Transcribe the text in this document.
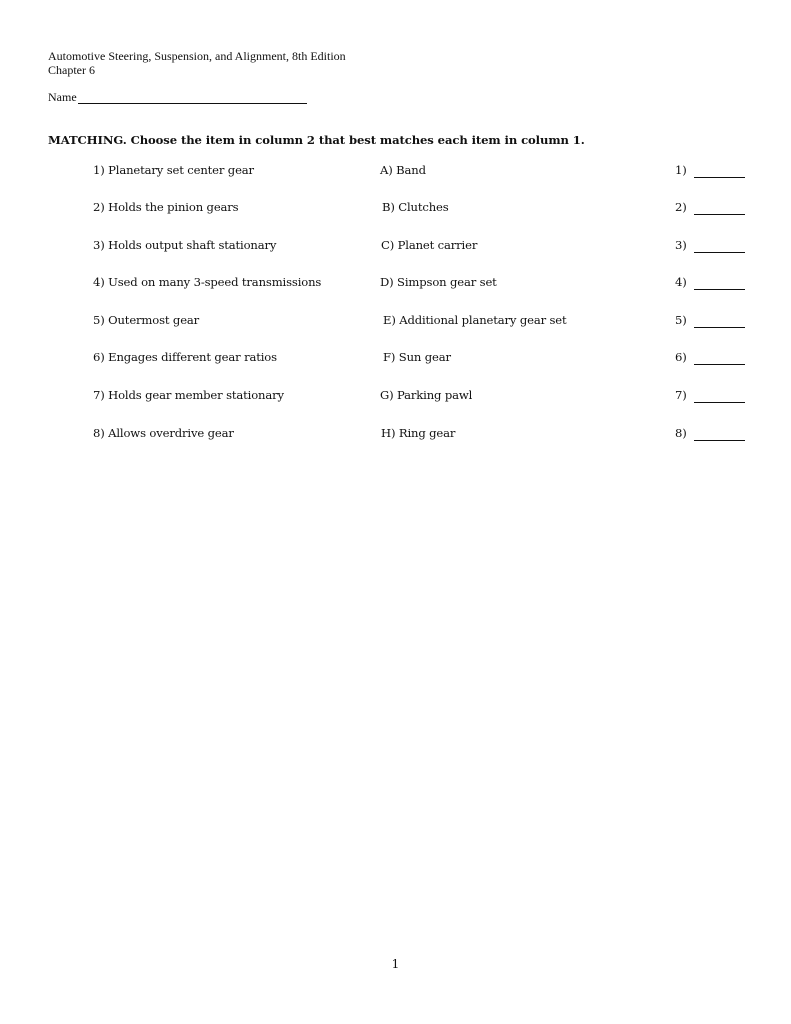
Automotive Steering, Suspension, and Alignment, 8th Edition
Chapter 6
Name
MATCHING. Choose the item in column 2 that best matches each item in column 1.
1) Planetary set center gear	A) Band	1)
2) Holds the pinion gears	B) Clutches	2)
3) Holds output shaft stationary	C) Planet carrier	3)
4) Used on many 3-speed transmissions	D) Simpson gear set	4)
5) Outermost gear	E) Additional planetary gear set	5)
6) Engages different gear ratios	F) Sun gear	6)
7) Holds gear member stationary	G) Parking pawl	7)
8) Allows overdrive gear	H) Ring gear	8)
1
